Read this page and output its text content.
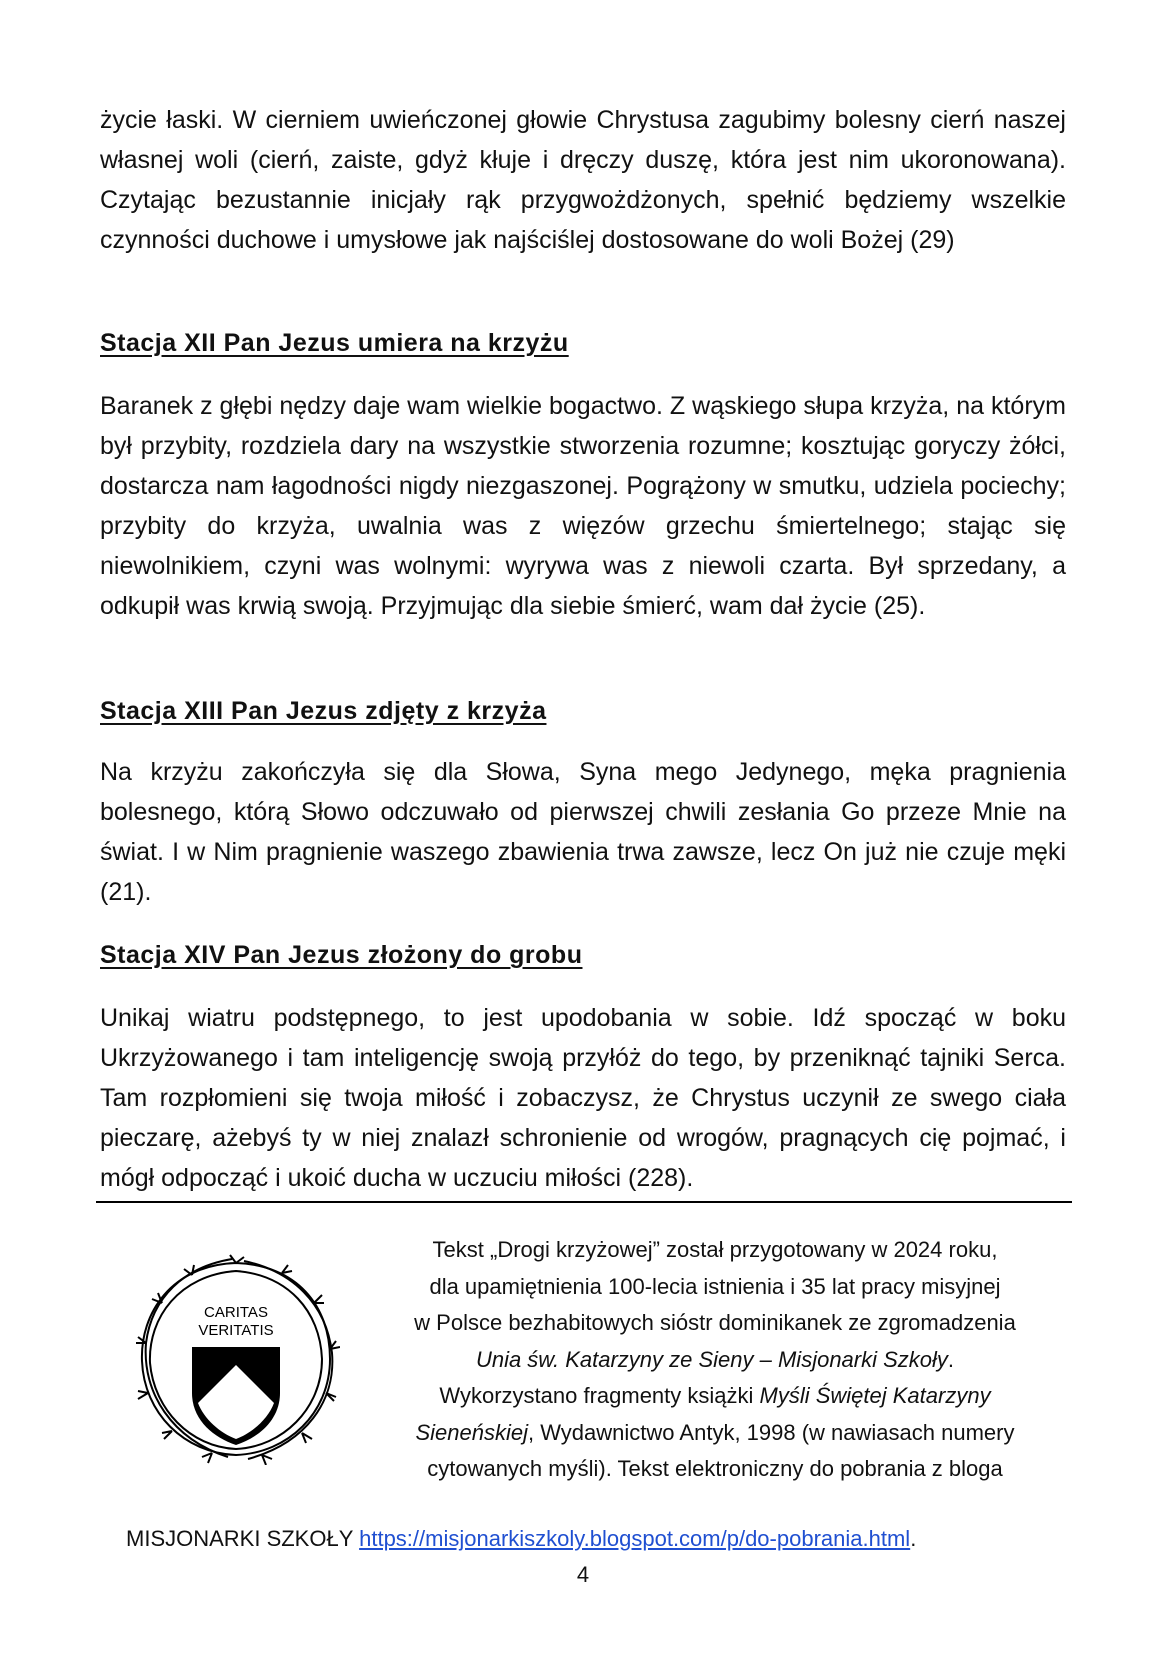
życie łaski. W cierniem uwieńczonej głowie Chrystusa zagubimy bolesny cierń naszej własnej woli (cierń, zaiste, gdyż kłuje i dręczy duszę, która jest nim ukoronowana). Czytając bezustannie inicjały rąk przygwożdżonych, spełnić będziemy wszelkie czynności duchowe i umysłowe jak najściślej dostosowane do woli Bożej (29)

Stacja XII Pan Jezus umiera na krzyżu

Baranek z głębi nędzy daje wam wielkie bogactwo. Z wąskiego słupa krzyża, na którym był przybity, rozdziela dary na wszystkie stworzenia rozumne; kosztując goryczy żółci, dostarcza nam łagodności nigdy niezgaszonej. Pogrążony w smutku, udziela pociechy; przybity do krzyża, uwalnia was z więzów grzechu śmiertelnego; stając się niewolnikiem, czyni was wolnymi: wyrywa was z niewoli czarta. Był sprzedany, a odkupił was krwią swoją. Przyjmując dla siebie śmierć, wam dał życie (25).

Stacja XIII Pan Jezus zdjęty z krzyża

Na krzyżu zakończyła się dla Słowa, Syna mego Jedynego, męka pragnienia bolesnego, którą Słowo odczuwało od pierwszej chwili zesłania Go przeze Mnie na świat. I w Nim pragnienie waszego zbawienia trwa zawsze, lecz On już nie czuje męki (21).

Stacja XIV Pan Jezus złożony do grobu

Unikaj wiatru podstępnego, to jest upodobania w sobie. Idź spocząć w boku Ukrzyżowanego i tam inteligencję swoją przyłóż do tego, by przeniknąć tajniki Serca. Tam rozpłomieni się twoja miłość i zobaczysz, że Chrystus uczynił ze swego ciała pieczarę, ażebyś ty w niej znalazł schronienie od wrogów, pragnących cię pojmać, i mógł odpocząć i ukoić ducha w uczuciu miłości (228).

CARITAS
VERITATIS
Tekst „Drogi krzyżowej” został przygotowany w 2024 roku,
dla upamiętnienia 100-lecia istnienia i 35 lat pracy misyjnej
w Polsce bezhabitowych sióstr dominikanek ze zgromadzenia
Unia św. Katarzyny ze Sieny – Misjonarki Szkoły.
Wykorzystano fragmenty książki Myśli Świętej Katarzyny
Sieneńskiej, Wydawnictwo Antyk, 1998 (w nawiasach numery
cytowanych myśli). Tekst elektroniczny do pobrania z bloga
MISJONARKI SZKOŁY https://misjonarkiszkoly.blogspot.com/p/do-pobrania.html.
4
